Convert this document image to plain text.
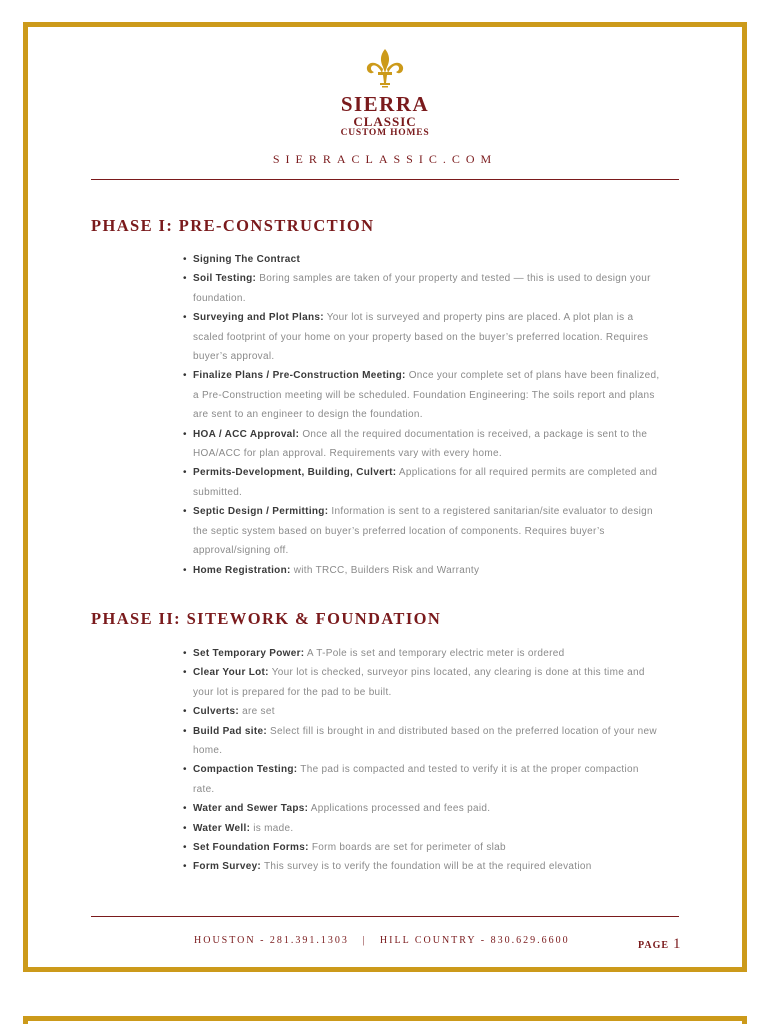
SIERRA
CLASSIC
CUSTOM HOMES
SIERRACLASSIC.COM
PHASE I: PRE-CONSTRUCTION
• Signing The Contract
• Soil Testing: Boring samples are taken of your property and tested — this is used to design your foundation.
• Surveying and Plot Plans: Your lot is surveyed and property pins are placed. A plot plan is a scaled footprint of your home on your property based on the buyer’s preferred location. Requires buyer’s approval.
• Finalize Plans / Pre-Construction Meeting: Once your complete set of plans have been finalized, a Pre-Construction meeting will be scheduled. Foundation Engineering: The soils report and plans are sent to an engineer to design the foundation.
• HOA / ACC Approval: Once all the required documentation is received, a package is sent to the HOA/ACC for plan approval. Requirements vary with every home.
• Permits-Development, Building, Culvert: Applications for all required permits are completed and submitted.
• Septic Design / Permitting: Information is sent to a registered sanitarian/site evaluator to design the septic system based on buyer’s preferred location of components. Requires buyer’s approval/signing off.
• Home Registration: with TRCC, Builders Risk and Warranty
PHASE II: SITEWORK & FOUNDATION
• Set Temporary Power: A T-Pole is set and temporary electric meter is ordered
• Clear Your Lot: Your lot is checked, surveyor pins located, any clearing is done at this time and your lot is prepared for the pad to be built.
• Culverts: are set
• Build Pad site: Select fill is brought in and distributed based on the preferred location of your new home.
• Compaction Testing: The pad is compacted and tested to verify it is at the proper compaction rate.
• Water and Sewer Taps: Applications processed and fees paid.
• Water Well: is made.
• Set Foundation Forms: Form boards are set for perimeter of slab
• Form Survey: This survey is to verify the foundation will be at the required elevation
HOUSTON - 281.391.1303   |   HILL COUNTRY - 830.629.6600	PAGE 1
